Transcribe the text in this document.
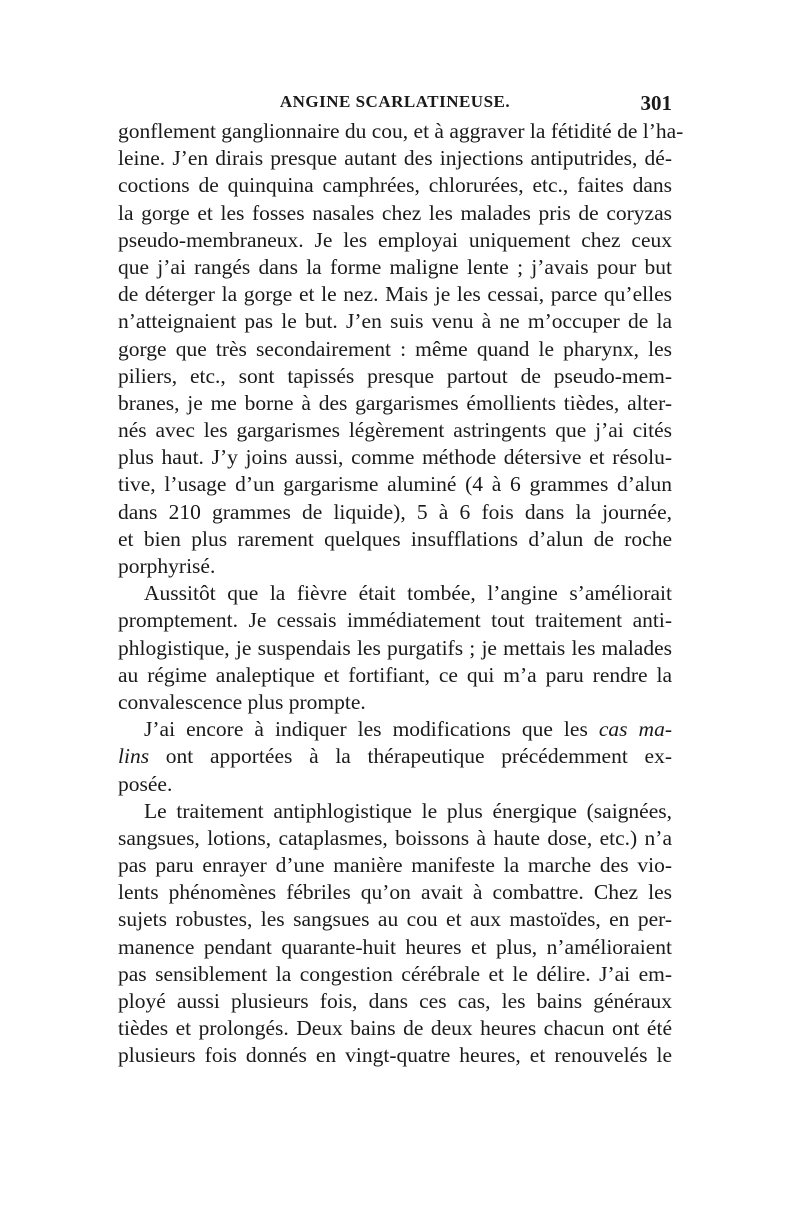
ANGINE SCARLATINEUSE.	301
gonflement ganglionnaire du cou, et à aggraver la fétidité de l’ha-
leine. J’en dirais presque autant des injections antiputrides, dé-
coctions de quinquina camphrées, chlorurées, etc., faites dans
la gorge et les fosses nasales chez les malades pris de coryzas
pseudo-membraneux. Je les employai uniquement chez ceux
que j’ai rangés dans la forme maligne lente ; j’avais pour but
de déterger la gorge et le nez. Mais je les cessai, parce qu’elles
n’atteignaient pas le but. J’en suis venu à ne m’occuper de la
gorge que très secondairement : même quand le pharynx, les
piliers, etc., sont tapissés presque partout de pseudo-mem-
branes, je me borne à des gargarismes émollients tièdes, alter-
nés avec les gargarismes légèrement astringents que j’ai cités
plus haut. J’y joins aussi, comme méthode détersive et résolu-
tive, l’usage d’un gargarisme aluminé (4 à 6 grammes d’alun
dans 210 grammes de liquide), 5 à 6 fois dans la journée,
et bien plus rarement quelques insufflations d’alun de roche
porphyrisé.
Aussitôt que la fièvre était tombée, l’angine s’améliorait
promptement. Je cessais immédiatement tout traitement anti-
phlogistique, je suspendais les purgatifs ; je mettais les malades
au régime analeptique et fortifiant, ce qui m’a paru rendre la
convalescence plus prompte.
J’ai encore à indiquer les modifications que les cas ma-
lins ont apportées à la thérapeutique précédemment ex-
posée.
Le traitement antiphlogistique le plus énergique (saignées,
sangsues, lotions, cataplasmes, boissons à haute dose, etc.) n’a
pas paru enrayer d’une manière manifeste la marche des vio-
lents phénomènes fébriles qu’on avait à combattre. Chez les
sujets robustes, les sangsues au cou et aux mastoïdes, en per-
manence pendant quarante-huit heures et plus, n’amélioraient
pas sensiblement la congestion cérébrale et le délire. J’ai em-
ployé aussi plusieurs fois, dans ces cas, les bains généraux
tièdes et prolongés. Deux bains de deux heures chacun ont été
plusieurs fois donnés en vingt-quatre heures, et renouvelés le
